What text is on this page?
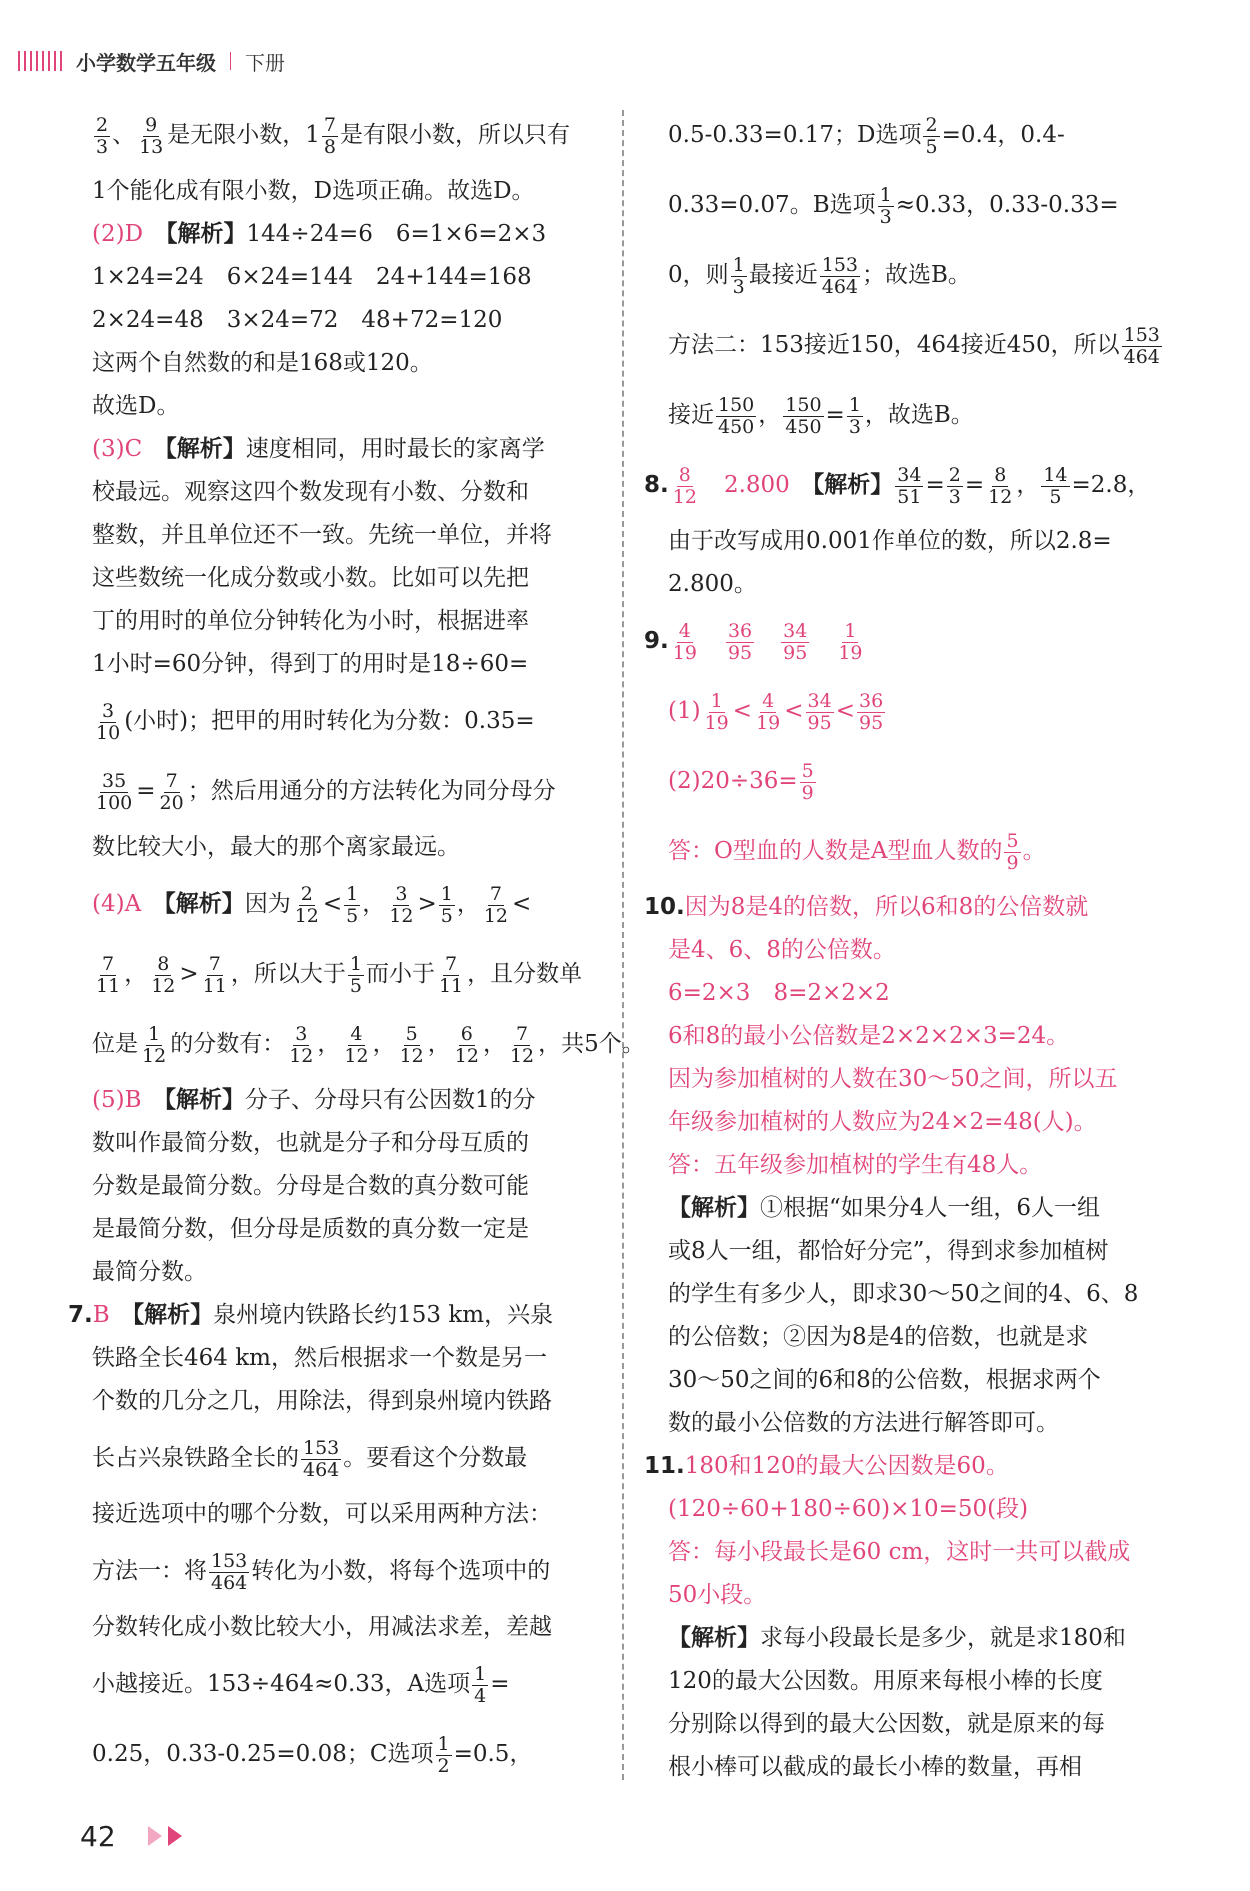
小学数学五年级 下册
$\frac{2}{3}$ 、 $\frac{9}{13}$ 是无限小数，$1 \frac{7}{8}$ 是有限小数，所以只有
1个能化成有限小数，D选项正确。故选D。
(2)D　 【解析】144÷24=6　6=1×6=2×3
1×24=24　6×24=144　24+144=168
2×24=48　3×24=72　48+72=120
这两个自然数的和是168或120。
故选D。
(3)C　 【解析】速度相同，用时最长的家离学
校最远。观察这四个数发现有小数、分数和
整数，并且单位还不一致。先统一单位，并将
这些数统一化成分数或小数。比如可以先把
丁的用时的单位分钟转化为小时，根据进率
1小时=60分钟，得到丁的用时是18÷60=
$\frac{3}{10}$ (小时)；把甲的用时转化为分数：0.35=
$\frac{35}{100} = \frac{7}{20}$ ；然后用通分的方法转化为同分母分
数比较大小，最大的那个离家最远。
(4)A　 【解析】因为 $\frac{2}{12} < \frac{1}{5}$ ， $\frac{3}{12} > \frac{1}{5}$ ， $\frac{7}{12}$ <
$\frac{7}{11}$ ， $\frac{8}{12} > \frac{7}{11}$ ，所以大于 $\frac{1}{5}$ 而小于 $\frac{7}{11}$ ，且分数单
位是 $\frac{1}{12}$ 的分数有： $\frac{3}{12}$ ， $\frac{4}{12}$ ， $\frac{5}{12}$ ， $\frac{6}{12}$ ， $\frac{7}{12}$ ，共5个。
(5)B　 【解析】分子、分母只有公因数1的分
数叫作最简分数，也就是分子和分母互质的
分数是最简分数。分母是合数的真分数可能
是最简分数，但分母是质数的真分数一定是
最简分数。
7.B　 【解析】泉州境内铁路长约153 km，兴泉
铁路全长464 km，然后根据求一个数是另一
个数的几分之几，用除法，得到泉州境内铁路
长占兴泉铁路全长的 $\frac{153}{464}$ 。要看这个分数最
接近选项中的哪个分数，可以采用两种方法：
方法一：将 $\frac{153}{464}$ 转化为小数，将每个选项中的
分数转化成小数比较大小，用减法求差，差越
小越接近。153÷464≈0.33，A选项 $\frac{1}{4}$ =
0.25，0.33-0.25=0.08；C选项 $\frac{1}{2} =0.5$，
0.5-0.33=0.17；D选项 $\frac{2}{5} =0.4$，0.4-
0.33=0.07。B选项 $\frac{1}{3} \approx 0.33$，0.33-0.33=
0，则 $\frac{1}{3}$ 最接近 $\frac{153}{464}$ ；故选B。
方法二：153接近150，464接近450，所以 $\frac{153}{464}$
接近 $\frac{150}{450}$ ， $\frac{150}{450} = \frac{1}{3}$ ，故选B。
8. $\frac{8}{12}$
　 2.800　 【解析】 $\frac{34}{51} = \frac{2}{3} = \frac{8}{12}$ ， $\frac{14}{5} =2.8$，
由于改写成用0.001作单位的数，所以2.8=
2.800。
9. $\frac{4}{19}$
　 $\frac{36}{95}$
　 $\frac{34}{95}$
　 $\frac{1}{19}$
$(1) \frac{1}{19} < \frac{4}{19} < \frac{34}{95} < \frac{36}{95}$
$(2)20\div 36= \frac{5}{9}$
答：O型血的人数是A型血人数的 $\frac{5}{9}$ 。
10.因为8是4的倍数，所以6和8的公倍数就
是4、6、8的公倍数。
6=2×3　8=2×2×2
6和8的最小公倍数是2×2×2×3=24。
因为参加植树的人数在30～50之间，所以五
年级参加植树的人数应为24×2=48(人)。
答：五年级参加植树的学生有48人。
【解析】①根据“如果分4人一组，6人一组
或8人一组，都恰好分完”，得到求参加植树
的学生有多少人，即求30～50之间的4、6、8
的公倍数；②因为8是4的倍数，也就是求
30～50之间的6和8的公倍数，根据求两个
数的最小公倍数的方法进行解答即可。
11.180和120的最大公因数是60。
(120÷60+180÷60)×10=50(段)
答：每小段最长是60 cm，这时一共可以截成
50小段。
【解析】求每小段最长是多少，就是求180和
120的最大公因数。用原来每根小棒的长度
分别除以得到的最大公因数，就是原来的每
根小棒可以截成的最长小棒的数量，再相
42
